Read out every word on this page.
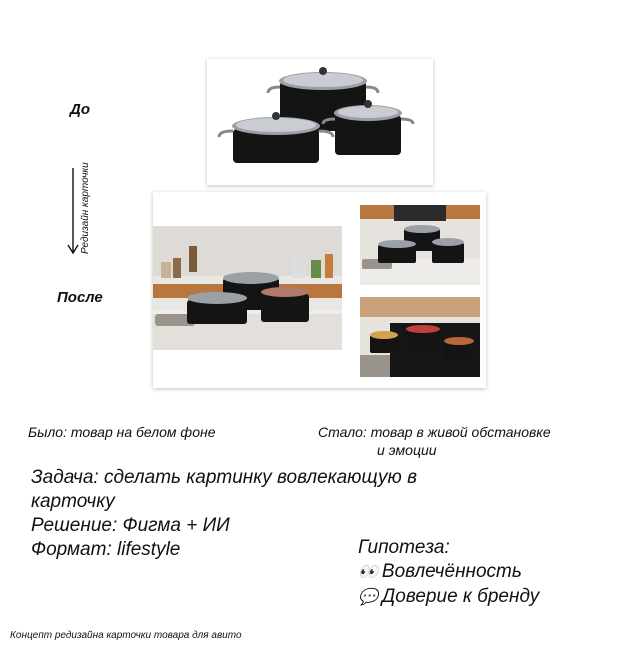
До
После
Редизайн карточки
Было: товар на белом фоне	Стало: товар в живой обстановке
и эмоции
Задача: сделать картинку вовлекающую в
карточку
Решение: Фигма + ИИ
Формат: lifestyle	Гипотеза:
👀 Вовлечённость
💬 Доверие к бренду
Концепт редизайна карточки товара для авито
